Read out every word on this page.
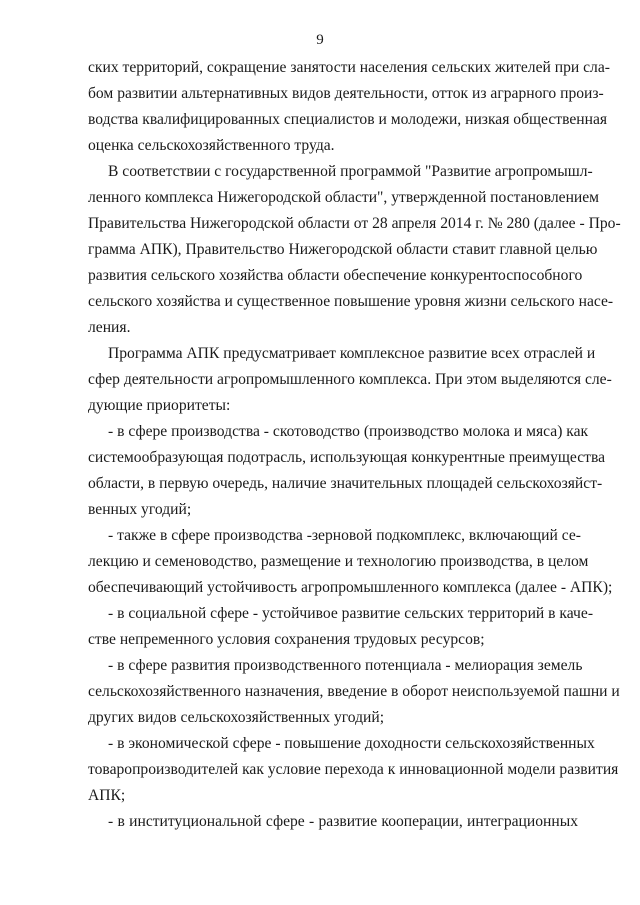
9
ских территорий, сокращение занятости населения сельских жителей при сла-
бом развитии альтернативных видов деятельности, отток из аграрного произ-
водства квалифицированных специалистов и молодежи, низкая общественная
оценка сельскохозяйственного труда.
В соответствии с государственной программой "Развитие агропромышл-
ленного комплекса Нижегородской области", утвержденной постановлением
Правительства Нижегородской области от 28 апреля 2014 г. № 280 (далее - Про-
грамма АПК), Правительство Нижегородской области ставит главной целью
развития сельского хозяйства области обеспечение конкурентоспособного
сельского хозяйства и существенное повышение уровня жизни сельского насе-
ления.
Программа АПК предусматривает комплексное развитие всех отраслей и
сфер деятельности агропромышленного комплекса. При этом выделяются сле-
дующие приоритеты:
- в сфере производства - скотоводство (производство молока и мяса) как
системообразующая подотрасль, использующая конкурентные преимущества
области, в первую очередь, наличие значительных площадей сельскохозяйст-
венных угодий;
- также в сфере производства -зерновой подкомплекс, включающий се-
лекцию и семеноводство, размещение и технологию производства, в целом
обеспечивающий устойчивость агропромышленного комплекса (далее - АПК);
- в социальной сфере - устойчивое развитие сельских территорий в каче-
стве непременного условия сохранения трудовых ресурсов;
- в сфере развития производственного потенциала - мелиорация земель
сельскохозяйственного назначения, введение в оборот неиспользуемой пашни и
других видов сельскохозяйственных угодий;
- в экономической сфере - повышение доходности сельскохозяйственных
товаропроизводителей как условие перехода к инновационной модели развития
АПК;
- в институциональной сфере - развитие кооперации, интеграционных
